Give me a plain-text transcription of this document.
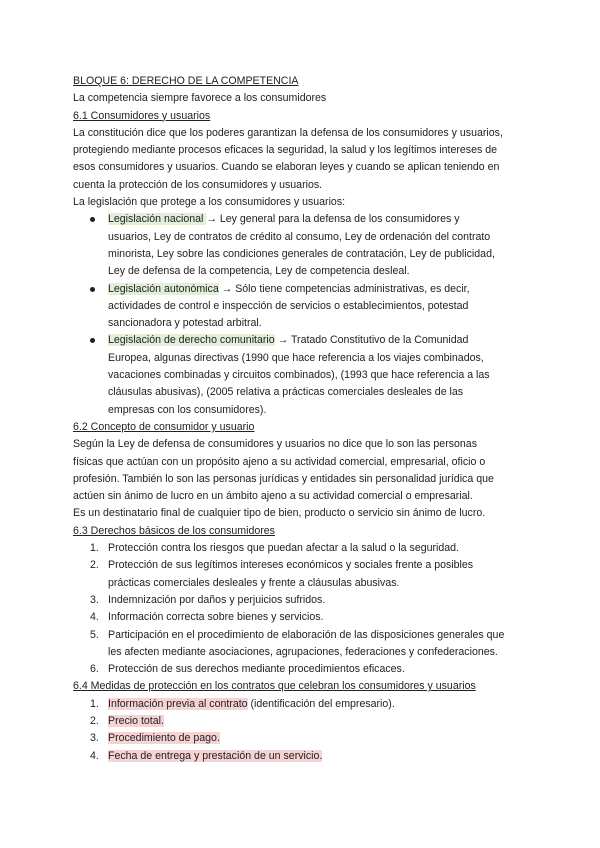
BLOQUE 6: DERECHO DE LA COMPETENCIA

La competencia siempre favorece a los consumidores

6.1 Consumidores y usuarios

La constitución dice que los poderes garantizan la defensa de los consumidores y usuarios,

protegiendo mediante procesos eficaces la seguridad, la salud y los legítimos intereses de

esos consumidores y usuarios. Cuando se elaboran leyes y cuando se aplican teniendo en

cuenta la protección de los consumidores y usuarios.

La legislación que protege a los consumidores y usuarios:

Legislación nacional → Ley general para la defensa de los consumidores y

usuarios, Ley de contratos de crédito al consumo, Ley de ordenación del contrato

minorista, Ley sobre las condiciones generales de contratación, Ley de publicidad,

Ley de defensa de la competencia, Ley de competencia desleal.

Legislación autonómica → Sólo tiene competencias administrativas, es decir,

actividades de control e inspección de servicios o establecimientos, potestad

sancionadora y potestad arbitral.

Legislación de derecho comunitario → Tratado Constitutivo de la Comunidad

Europea, algunas directivas (1990 que hace referencia a los viajes combinados,

vacaciones combinadas y circuitos combinados), (1993 que hace referencia a las

cláusulas abusivas), (2005 relativa a prácticas comerciales desleales de las

empresas con los consumidores).

6.2 Concepto de consumidor y usuario

Según la Ley de defensa de consumidores y usuarios no dice que lo son las personas

físicas que actúan con un propósito ajeno a su actividad comercial, empresarial, oficio o

profesión. También lo son las personas jurídicas y entidades sin personalidad jurídica que

actúen sin ánimo de lucro en un ámbito ajeno a su actividad comercial o empresarial.

Es un destinatario final de cualquier tipo de bien, producto o servicio sin ánimo de lucro.

6.3 Derechos básicos de los consumidores

1. Protección contra los riesgos que puedan afectar a la salud o la seguridad.

2. Protección de sus legítimos intereses económicos y sociales frente a posibles

prácticas comerciales desleales y frente a cláusulas abusivas.

3. Indemnización por daños y perjuicios sufridos.

4. Información correcta sobre bienes y servicios.

5. Participación en el procedimiento de elaboración de las disposiciones generales que

les afecten mediante asociaciones, agrupaciones, federaciones y confederaciones.

6. Protección de sus derechos mediante procedimientos eficaces.

6.4 Medidas de protección en los contratos que celebran los consumidores y usuarios

1. Información previa al contrato (identificación del empresario).

2. Precio total.

3. Procedimiento de pago.

4. Fecha de entrega y prestación de un servicio.
